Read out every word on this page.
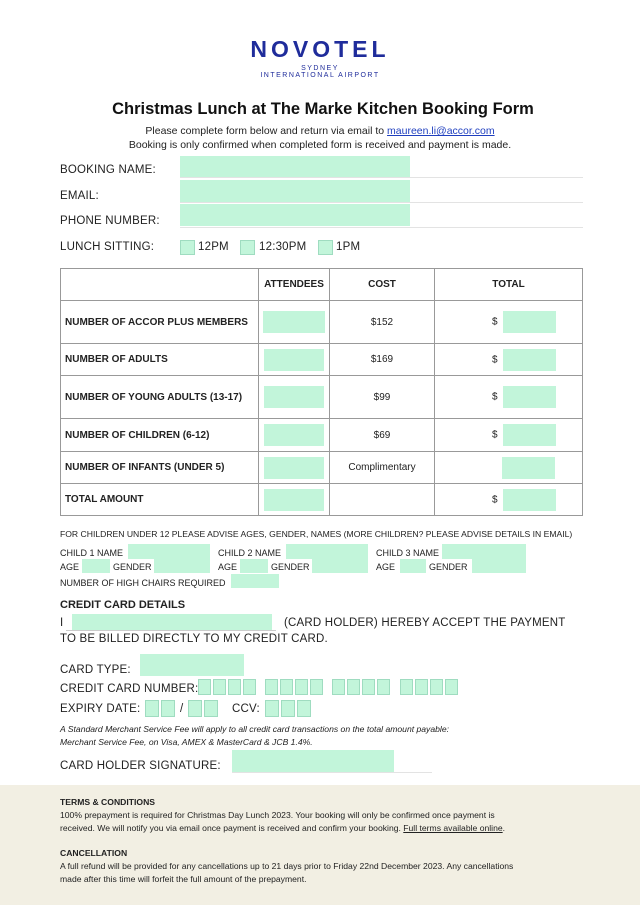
NOVOTEL
SYDNEY
INTERNATIONAL AIRPORT
Christmas Lunch at The Marke Kitchen Booking Form
Please complete form below and return via email to maureen.li@accor.com
Booking is only confirmed when completed form is received and payment is made.
BOOKING NAME:
EMAIL:
PHONE NUMBER:
LUNCH SITTING:	12PM	12:30PM	1PM
	ATTENDEES	COST	TOTAL
NUMBER OF ACCOR PLUS MEMBERS		$152	$
NUMBER OF ADULTS		$169	$
NUMBER OF YOUNG ADULTS (13-17)		$99	$
NUMBER OF CHILDREN (6-12)		$69	$
NUMBER OF INFANTS (UNDER 5)		Complimentary	
TOTAL AMOUNT			$
FOR CHILDREN UNDER 12 PLEASE ADVISE AGES, GENDER, NAMES (MORE CHILDREN? PLEASE ADVISE DETAILS IN EMAIL)
CHILD 1 NAME	CHILD 2 NAME	CHILD 3 NAME
AGE	GENDER	AGE	GENDER	AGE	GENDER
NUMBER OF HIGH CHAIRS REQUIRED
CREDIT CARD DETAILS
I	(CARD HOLDER) HEREBY ACCEPT THE PAYMENT
TO BE BILLED DIRECTLY TO MY CREDIT CARD.
CARD TYPE:
CREDIT CARD NUMBER:
EXPIRY DATE:	/	CCV:
A Standard Merchant Service Fee will apply to all credit card transactions on the total amount payable:
Merchant Service Fee, on Visa, AMEX & MasterCard & JCB 1.4%.
CARD HOLDER SIGNATURE:
TERMS & CONDITIONS
100% prepayment is required for Christmas Day Lunch 2023. Your booking will only be confirmed once payment is
received. We will notify you via email once payment is received and confirm your booking. Full terms available online.
CANCELLATION
A full refund will be provided for any cancellations up to 21 days prior to Friday 22nd December 2023. Any cancellations
made after this time will forfeit the full amount of the prepayment.
